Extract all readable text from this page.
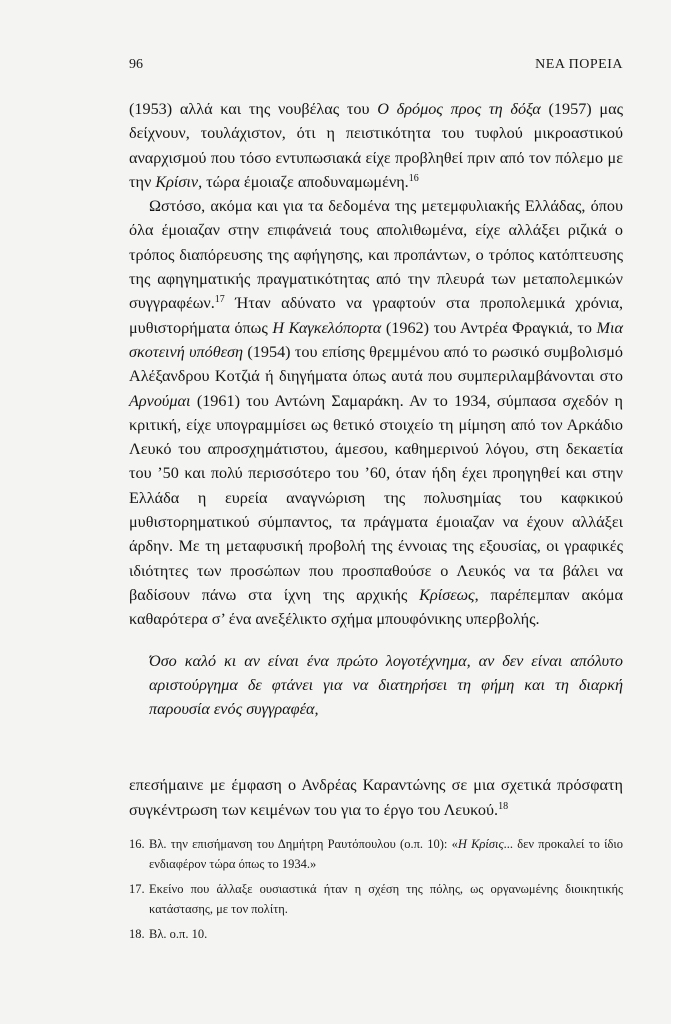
96	ΝΕΑ ΠΟΡΕΙΑ

(1953) αλλά και της νουβέλας του Ο δρόμος προς τη δόξα (1957) μας δείχνουν, τουλάχιστον, ότι η πειστικότητα του τυφλού μικροαστικού αναρχισμού που τόσο εντυπωσιακά είχε προβληθεί πριν από τον πόλεμο με την Κρίσιν, τώρα έμοιαζε αποδυναμωμένη.$^{16}$

Ωστόσο, ακόμα και για τα δεδομένα της μετεμφυλιακής Ελλάδας, όπου όλα έμοιαζαν στην επιφάνειά τους απολιθωμένα, είχε αλλάξει ριζικά ο τρόπος διαπόρευσης της αφήγησης, και προπάντων, ο τρόπος κατόπτευσης της αφηγηματικής πραγματικότητας από την πλευρά των μεταπολεμικών συγγραφέων.$^{17}$ Ήταν αδύνατο να γραφτούν στα προπολεμικά χρόνια, μυθιστορήματα όπως Η Καγκελόπορτα (1962) του Αντρέα Φραγκιά, το Μια σκοτεινή υπόθεση (1954) του επίσης θρεμμένου από το ρωσικό συμβολισμό Αλέξανδρου Κοτζιά ή διηγήματα όπως αυτά που συμπεριλαμβάνονται στο Αρνούμαι (1961) του Αντώνη Σαμαράκη. Αν το 1934, σύμπασα σχεδόν η κριτική, είχε υπογραμμίσει ως θετικό στοιχείο τη μίμηση από τον Αρκάδιο Λευκό του απροσχημάτιστου, άμεσου, καθημερινού λόγου, στη δεκαετία του ’50 και πολύ περισσότερο του ’60, όταν ήδη έχει προηγηθεί και στην Ελλάδα η ευρεία αναγνώριση της πολυσημίας του καφκικού μυθιστορηματικού σύμπαντος, τα πράγματα έμοιαζαν να έχουν αλλάξει άρδην. Με τη μεταφυσική προβολή της έννοιας της εξουσίας, οι γραφικές ιδιότητες των προσώπων που προσπαθούσε ο Λευκός να τα βάλει να βαδίσουν πάνω στα ίχνη της αρχικής Κρίσεως, παρέπεμπαν ακόμα καθαρότερα σ’ ένα ανεξέλικτο σχήμα μπουφόνικης υπερβολής.

Όσο καλό κι αν είναι ένα πρώτο λογοτέχνημα, αν δεν είναι απόλυτο αριστούργημα δε φτάνει για να διατηρήσει τη φήμη και τη διαρκή παρουσία ενός συγγραφέα,

επεσήμαινε με έμφαση ο Ανδρέας Καραντώνης σε μια σχετικά πρόσφατη συγκέντρωση των κειμένων του για το έργο του Λευκού.$^{18}$

16. Βλ. την επισήμανση του Δημήτρη Ραυτόπουλου (ο.π. 10): «Η Κρίσις... δεν προκαλεί το ίδιο ενδιαφέρον τώρα όπως το 1934.»
17. Εκείνο που άλλαξε ουσιαστικά ήταν η σχέση της πόλης, ως οργανωμένης διοικητικής κατάστασης, με τον πολίτη.
18. Βλ. ο.π. 10.
